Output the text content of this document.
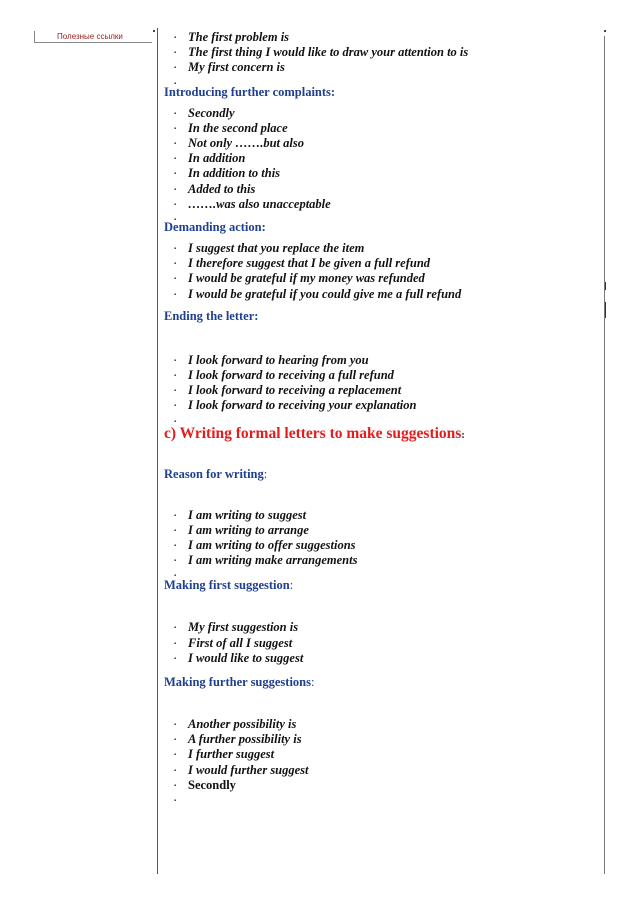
Полезные ссылки
▪	The first problem is
▪ The first thing I would like to draw your attention to is
▪ My first concern is
Introducing further complaints:
▪ Secondly
▪ In the second place
▪ Not only …….but also
▪ In addition
▪ In addition to this
▪ Added to this
▪ …….was also unacceptable
Demanding action:
▪ I suggest that you replace the item
▪ I therefore suggest that I be given a full refund
▪ I would be grateful if my money was refunded
▪ I would be grateful if you could give me a full refund
Ending the letter:
▪ I look forward to hearing from you
▪ I look forward to receiving a full refund
▪ I look forward to receiving a replacement
▪ I look forward to receiving your explanation
c) Writing formal letters to make suggestions:
Reason for writing:
▪ I am writing to suggest
▪ I am writing to arrange
▪ I am writing to offer suggestions
▪ I am writing make arrangements
Making first suggestion:
▪ My first suggestion is
▪ First of all I suggest
▪ I would like to suggest
Making further suggestions:
▪ Another possibility is
▪ A further possibility is
▪ I further suggest
▪ I would further suggest
▪ Secondly
